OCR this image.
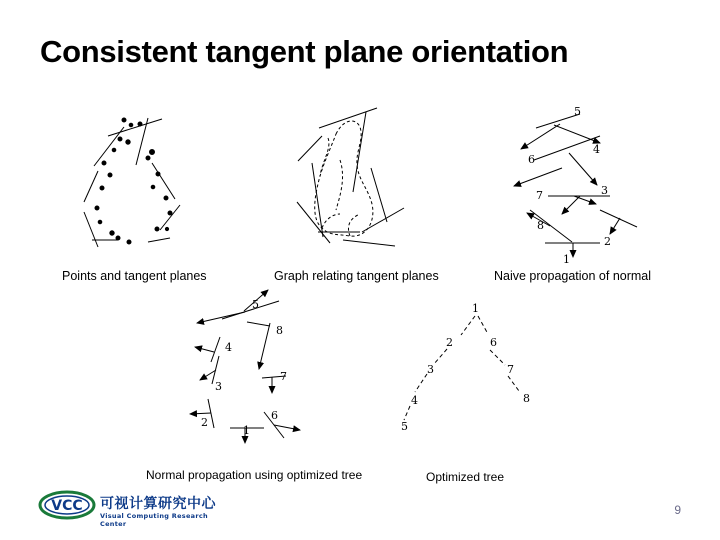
Consistent tangent plane orientation
5
4
6
3
7
8
2
1
5
8
4
7
3
2
1
6
1
2	6
3	7
8
4
5
Points and tangent planes	Graph relating tangent planes	Naive propagation of normal
Normal propagation using optimized tree	Optimized tree
VCC 可视计算研究中心
Visual Computing Research Center
9
